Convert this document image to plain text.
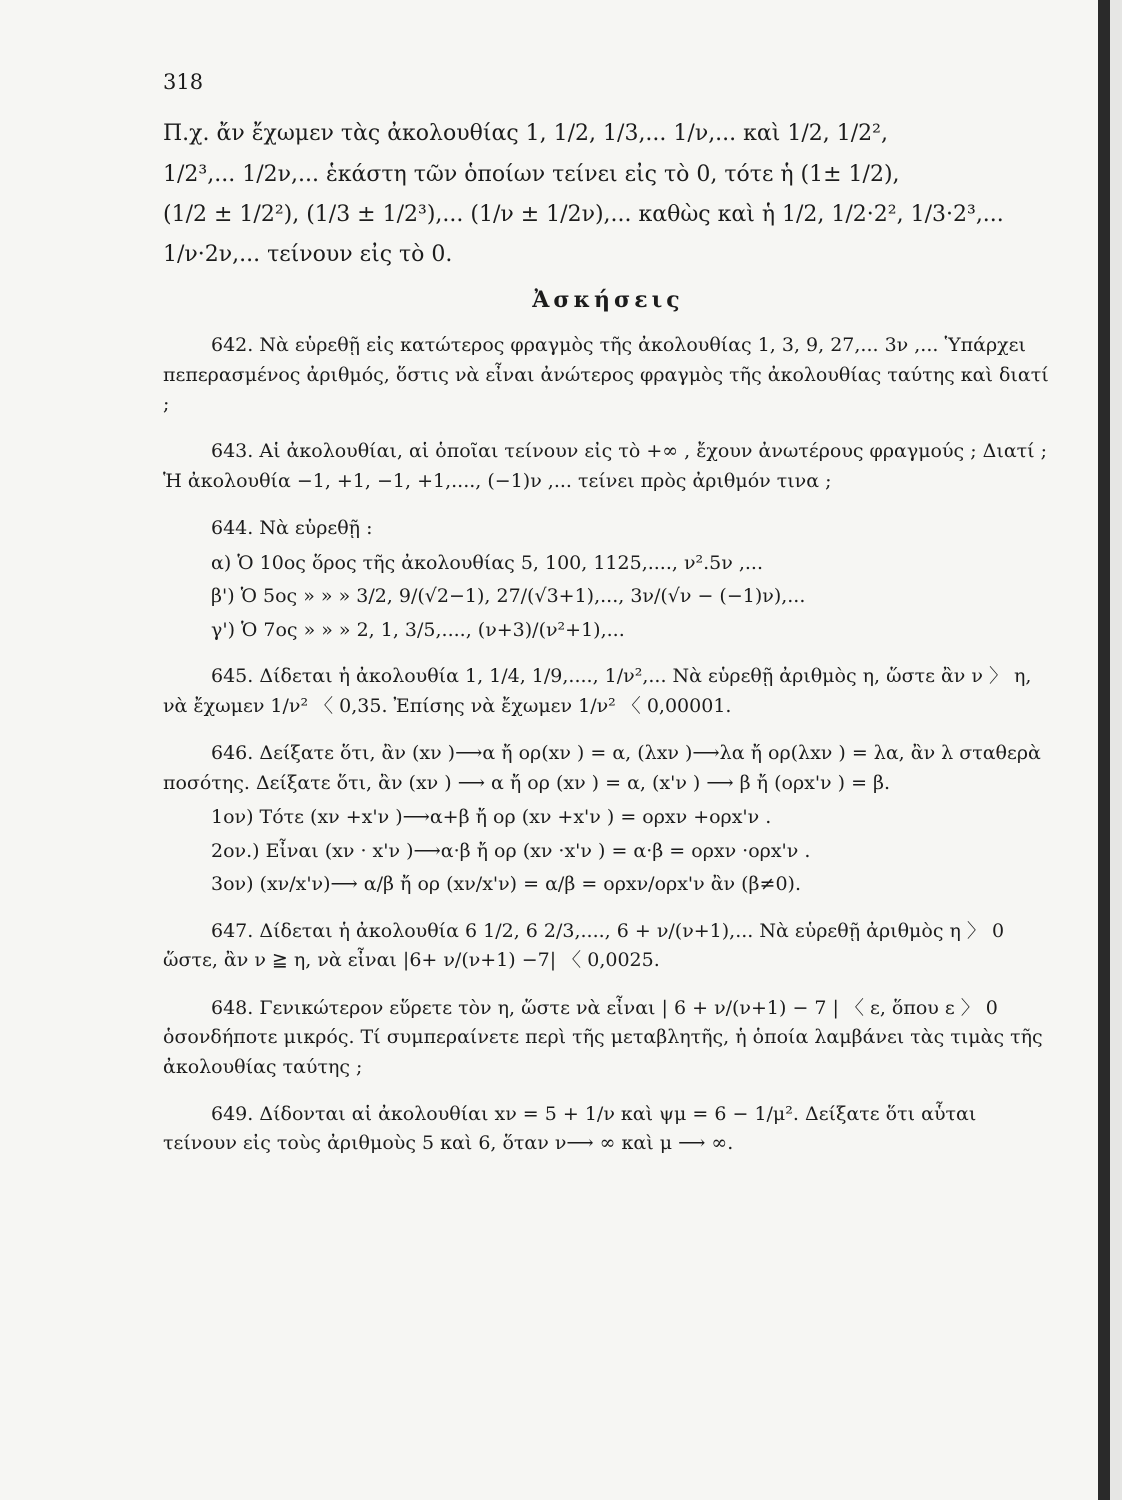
318
Π.χ. ἄν ἔχωμεν τὰς ἀκολουθίας 1, 1/2, 1/3,... 1/ν,... καὶ 1/2, 1/2²,
1/2³,... 1/2ν,... ἑκάστη τῶν ὁποίων τείνει εἰς τὸ 0, τότε ἡ (1± 1/2),
(1/2 ± 1/2²), (1/3 ± 1/2³),... (1/ν ± 1/2ν),... καθὼς καὶ ἡ 1/2, 1/2·2², 1/3·2³,...
1/ν·2ν,... τείνουν εἰς τὸ 0.
Ἀσκήσεις
642. Νὰ εὑρεθῇ εἰς κατώτερος φραγμὸς τῆς ἀκολουθίας 1, 3, 9, 27,... 3ν ,... Ὑπάρχει πεπερασμένος ἀριθμός, ὅστις νὰ εἶναι ἀνώτερος φραγμὸς τῆς ἀκολουθίας ταύτης καὶ διατί ;
643. Αἱ ἀκολουθίαι, αἱ ὁποῖαι τείνουν εἰς τὸ +∞ , ἔχουν ἀνωτέρους φραγμούς ; Διατί ; Ἡ ἀκολουθία −1, +1, −1, +1,...., (−1)ν ,... τείνει πρὸς ἀριθμόν τινα ;
644. Νὰ εὑρεθῇ :
α) Ὁ 10ος ὅρος τῆς ἀκολουθίας 5, 100, 1125,...., ν².5ν ,...
β') Ὁ 5ος » » » 3/2, 9/(√2−1), 27/(√3+1),..., 3ν/(√ν − (−1)ν),...
γ') Ὁ 7ος » » » 2, 1, 3/5,...., (ν+3)/(ν²+1),...
645. Δίδεται ἡ ἀκολουθία 1, 1/4, 1/9,...., 1/ν²,... Νὰ εὑρεθῇ ἀριθμὸς η, ὥστε ἂν ν 〉 η, νὰ ἔχωμεν 1/ν² 〈 0,35. Ἐπίσης νὰ ἔχωμεν 1/ν² 〈 0,00001.
646. Δείξατε ὅτι, ἂν (xν )⟶α ἤ ορ(xν ) = α, (λxν )⟶λα ἤ ορ(λxν ) = λα, ἂν λ σταθερὰ ποσότης. Δείξατε ὅτι, ἂν (xν ) ⟶ α ἤ ορ (xν ) = α, (x'ν ) ⟶ β ἤ (ορx'ν ) = β.
1ον) Τότε (xν +x'ν )⟶α+β ἤ ορ (xν +x'ν ) = ορxν +ορx'ν .
2ον.) Εἶναι (xν · x'ν )⟶α·β ἤ ορ (xν ·x'ν ) = α·β = ορxν ·ορx'ν .
3ον) (xν/x'ν)⟶ α/β ἤ ορ (xν/x'ν) = α/β = ορxν/ορx'ν ἂν (β≠0).
647. Δίδεται ἡ ἀκολουθία 6 1/2, 6 2/3,...., 6 + ν/(ν+1),... Νὰ εὑρεθῇ ἀριθμὸς η 〉 0 ὥστε, ἂν ν ≧ η, νὰ εἶναι |6+ ν/(ν+1) −7| 〈 0,0025.
648. Γενικώτερον εὕρετε τὸν η, ὥστε νὰ εἶναι | 6 + ν/(ν+1) − 7 | 〈 ε, ὅπου ε 〉 0 ὁσονδήποτε μικρός. Τί συμπεραίνετε περὶ τῆς μεταβλητῆς, ἡ ὁποία λαμβάνει τὰς τιμὰς τῆς ἀκολουθίας ταύτης ;
649. Δίδονται αἱ ἀκολουθίαι xν = 5 + 1/ν καὶ ψμ = 6 − 1/μ². Δείξατε ὅτι αὗται τείνουν εἰς τοὺς ἀριθμοὺς 5 καὶ 6, ὅταν ν⟶ ∞ καὶ μ ⟶ ∞.
